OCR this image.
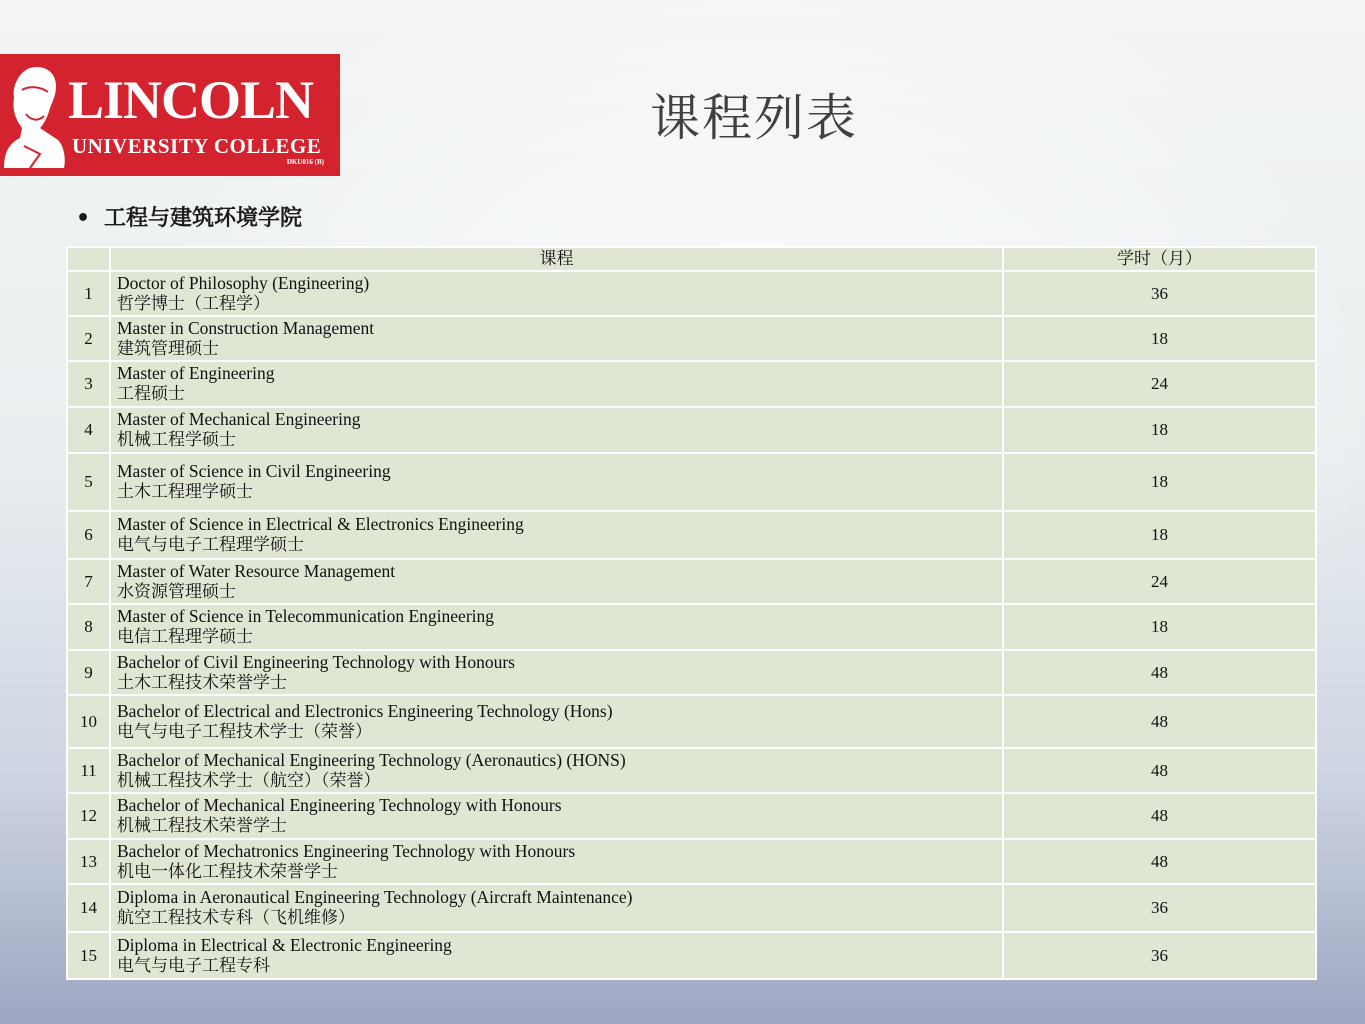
LINCOLN
UNIVERSITY COLLEGE
DKU016 (B)
课程列表
• 工程与建筑环境学院
	课程	学时（月）
1	Doctor of Philosophy (Engineering)
哲学博士（工程学）	36
2	Master in Construction Management
建筑管理硕士	18
3	Master of Engineering
工程硕士	24
4	Master of Mechanical Engineering
机械工程学硕士	18
5	Master of Science in Civil Engineering
土木工程理学硕士	18
6	Master of Science in Electrical & Electronics Engineering
电气与电子工程理学硕士	18
7	Master of Water Resource Management
水资源管理硕士	24
8	Master of Science in Telecommunication Engineering
电信工程理学硕士	18
9	Bachelor of Civil Engineering Technology with Honours
土木工程技术荣誉学士	48
10	Bachelor of Electrical and Electronics Engineering Technology (Hons)
电气与电子工程技术学士（荣誉）	48
11	Bachelor of Mechanical Engineering Technology (Aeronautics) (HONS)
机械工程技术学士（航空）（荣誉）	48
12	Bachelor of Mechanical Engineering Technology with Honours
机械工程技术荣誉学士	48
13	Bachelor of Mechatronics Engineering Technology with Honours
机电一体化工程技术荣誉学士	48
14	Diploma in Aeronautical Engineering Technology (Aircraft Maintenance)
航空工程技术专科（飞机维修）	36
15	Diploma in Electrical & Electronic Engineering
电气与电子工程专科	36
